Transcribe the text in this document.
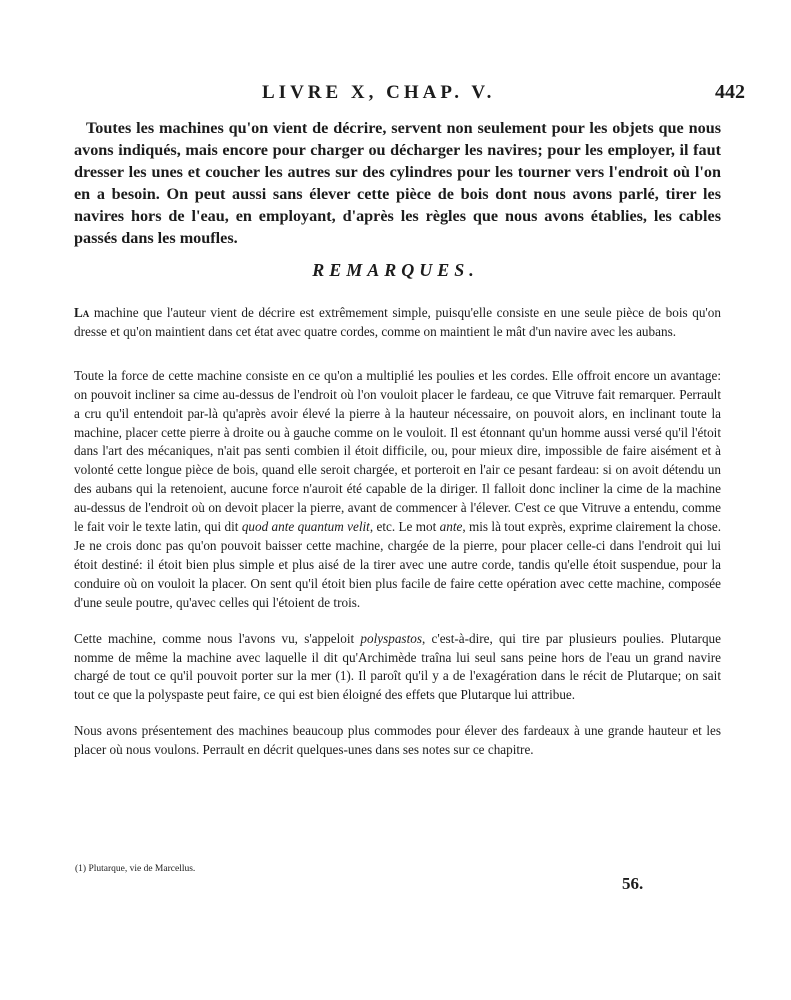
LIVRE X, CHAP. V.	442

Toutes les machines qu'on vient de décrire, servent non seulement pour les objets que nous avons indiqués, mais encore pour charger ou décharger les navires; pour les employer, il faut dresser les unes et coucher les autres sur des cylindres pour les tourner vers l'endroit où l'on en a besoin. On peut aussi sans élever cette pièce de bois dont nous avons parlé, tirer les navires hors de l'eau, en employant, d'après les règles que nous avons établies, les cables passés dans les moufles.

REMARQUES.

La machine que l'auteur vient de décrire est extrêmement simple, puisqu'elle consiste en une seule pièce de bois qu'on dresse et qu'on maintient dans cet état avec quatre cordes, comme on maintient le mât d'un navire avec les aubans.

Toute la force de cette machine consiste en ce qu'on a multiplié les poulies et les cordes. Elle offroit encore un avantage: on pouvoit incliner sa cime au-dessus de l'endroit où l'on vouloit placer le fardeau, ce que Vitruve fait remarquer. Perrault a cru qu'il entendoit par-là qu'après avoir élevé la pierre à la hauteur nécessaire, on pouvoit alors, en inclinant toute la machine, placer cette pierre à droite ou à gauche comme on le vouloit. Il est étonnant qu'un homme aussi versé qu'il l'étoit dans l'art des mécaniques, n'ait pas senti combien il étoit difficile, ou, pour mieux dire, impossible de faire aisément et à volonté cette longue pièce de bois, quand elle seroit chargée, et porteroit en l'air ce pesant fardeau: si on avoit détendu un des aubans qui la retenoient, aucune force n'auroit été capable de la diriger. Il falloit donc incliner la cime de la machine au-dessus de l'endroit où on devoit placer la pierre, avant de commencer à l'élever. C'est ce que Vitruve a entendu, comme le fait voir le texte latin, qui dit quod ante quantum velit, etc. Le mot ante, mis là tout exprès, exprime clairement la chose. Je ne crois donc pas qu'on pouvoit baisser cette machine, chargée de la pierre, pour placer celle-ci dans l'endroit qui lui étoit destiné: il étoit bien plus simple et plus aisé de la tirer avec une autre corde, tandis qu'elle étoit suspendue, pour la conduire où on vouloit la placer. On sent qu'il étoit bien plus facile de faire cette opération avec cette machine, composée d'une seule poutre, qu'avec celles qui l'étoient de trois.

Cette machine, comme nous l'avons vu, s'appeloit polyspastos, c'est-à-dire, qui tire par plusieurs poulies. Plutarque nomme de même la machine avec laquelle il dit qu'Archimède traîna lui seul sans peine hors de l'eau un grand navire chargé de tout ce qu'il pouvoit porter sur la mer (1). Il paroît qu'il y a de l'exagération dans le récit de Plutarque; on sait tout ce que la polyspaste peut faire, ce qui est bien éloigné des effets que Plutarque lui attribue.

Nous avons présentement des machines beaucoup plus commodes pour élever des fardeaux à une grande hauteur et les placer où nous voulons. Perrault en décrit quelques-unes dans ses notes sur ce chapitre.

(1) Plutarque, vie de Marcellus.
56.
